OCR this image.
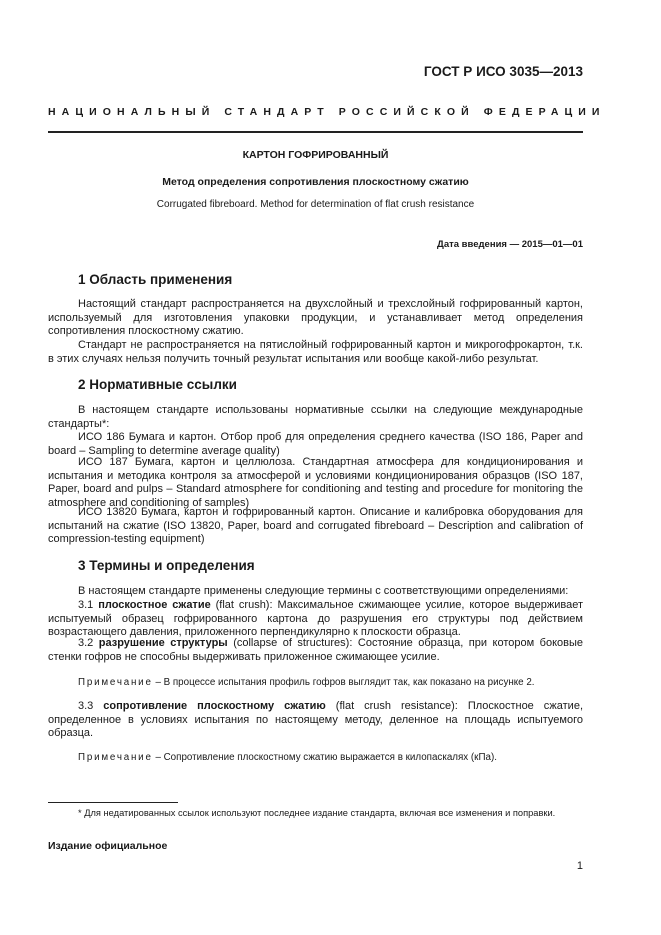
ГОСТ Р ИСО 3035—2013
НАЦИОНАЛЬНЫЙ СТАНДАРТ РОССИЙСКОЙ ФЕДЕРАЦИИ
КАРТОН ГОФРИРОВАННЫЙ
Метод определения сопротивления плоскостному сжатию
Corrugated fibreboard. Method for determination of flat crush resistance
Дата введения — 2015—01—01
1 Область применения

Настоящий стандарт распространяется на двухслойный и трехслойный гофрированный картон, используемый для изготовления упаковки продукции, и устанавливает метод определения сопротивления плоскостному сжатию.

Стандарт не распространяется на пятислойный гофрированный картон и микрогофрокартон, т.к. в этих случаях нельзя получить точный результат испытания или вообще какой-либо результат.

2 Нормативные ссылки

В настоящем стандарте использованы нормативные ссылки на следующие международные стандарты*:

ИСО 186 Бумага и картон. Отбор проб для определения среднего качества (ISO 186, Paper and board – Sampling to determine average quality)

ИСО 187 Бумага, картон и целлюлоза. Стандартная атмосфера для кондиционирования и испытания и методика контроля за атмосферой и условиями кондиционирования образцов (ISO 187, Paper, board and pulps – Standard atmosphere for conditioning and testing and procedure for monitoring the atmosphere and conditioning of samples)

ИСО 13820 Бумага, картон и гофрированный картон. Описание и калибровка оборудования для испытаний на сжатие (ISO 13820, Paper, board and corrugated fibreboard – Description and calibration of compression-testing equipment)

3 Термины и определения

В настоящем стандарте применены следующие термины с соответствующими определениями:

3.1 плоскостное сжатие (flat crush): Максимальное сжимающее усилие, которое выдерживает испытуемый образец гофрированного картона до разрушения его структуры под действием возрастающего давления, приложенного перпендикулярно к плоскости образца.

3.2 разрушение структуры (collapse of structures): Состояние образца, при котором боковые стенки гофров не способны выдерживать приложенное сжимающее усилие.

Примечание – В процессе испытания профиль гофров выглядит так, как показано на рисунке 2.

3.3 сопротивление плоскостному сжатию (flat crush resistance): Плоскостное сжатие, определенное в условиях испытания по настоящему методу, деленное на площадь испытуемого образца.

Примечание – Сопротивление плоскостному сжатию выражается в килопаскалях (кПа).

* Для недатированных ссылок используют последнее издание стандарта, включая все изменения и поправки.

Издание официальное
1
